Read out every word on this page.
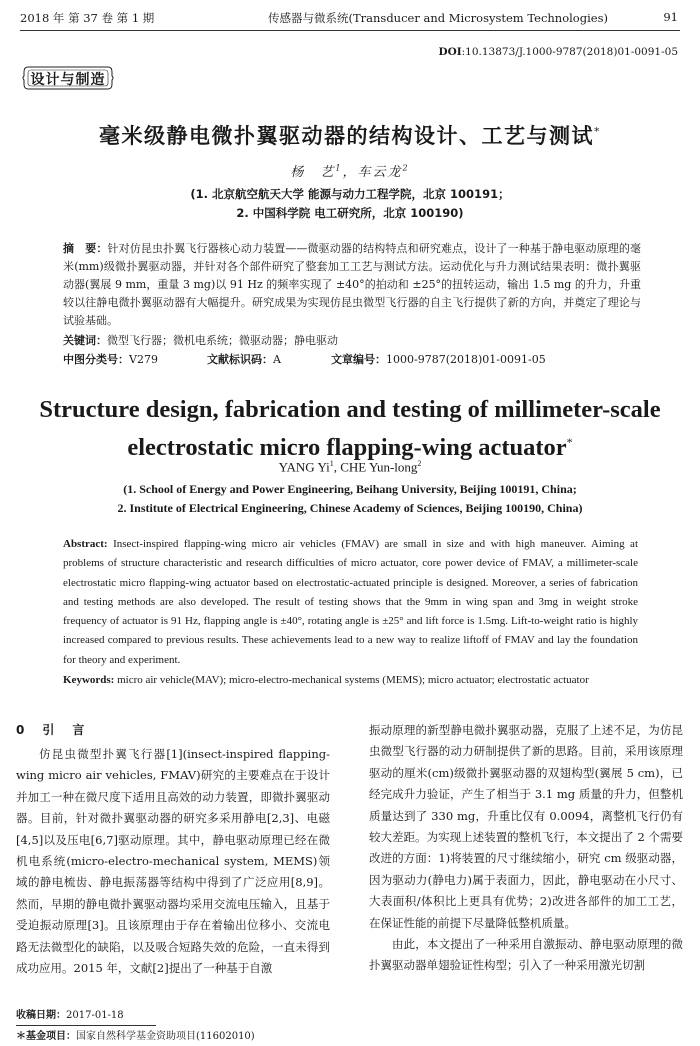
2018 年 第 37 卷 第 1 期	传感器与微系统(Transducer and Microsystem Technologies)	91
DOI:10.13873/J.1000-9787(2018)01-0091-05
设计与制造
毫米级静电微扑翼驱动器的结构设计、工艺与测试*
杨　艺$^1$，车云龙$^2$
(1. 北京航空航天大学 能源与动力工程学院，北京 100191；
2. 中国科学院 电工研究所，北京 100190)
摘　要：针对仿昆虫扑翼飞行器核心动力装置——微驱动器的结构特点和研究难点，设计了一种基于静电驱动原理的毫米(mm)级微扑翼驱动器，并针对各个部件研究了整套加工工艺与测试方法。运动优化与升力测试结果表明：微扑翼驱动器(翼展 9 mm，重量 3 mg)以 91 Hz 的频率实现了 ±40°的拍动和 ±25°的扭转运动，输出 1.5 mg 的升力，升重较以往静电微扑翼驱动器有大幅提升。研究成果为实现仿昆虫微型飞行器的自主飞行提供了新的方向，并奠定了理论与试验基础。
关键词：微型飞行器；微机电系统；微驱动器；静电驱动
中图分类号：V279	文献标识码：A	文章编号：1000-9787(2018)01-0091-05
Structure design, fabrication and testing of millimeter-scale
electrostatic micro flapping-wing actuator*
YANG Yi$^1$, CHE Yun-long$^2$
(1. School of Energy and Power Engineering, Beihang University, Beijing 100191, China;
2. Institute of Electrical Engineering, Chinese Academy of Sciences, Beijing 100190, China)
Abstract: Insect-inspired flapping-wing micro air vehicles (FMAV) are small in size and with high maneuver. Aiming at problems of structure characteristic and research difficulties of micro actuator, core power device of FMAV, a millimeter-scale electrostatic micro flapping-wing actuator based on electrostatic-actuated principle is designed. Moreover, a series of fabrication and testing methods are also developed. The result of testing shows that the 9mm in wing span and 3mg in weight stroke frequency of actuator is 91 Hz, flapping angle is ±40°, rotating angle is ±25° and lift force is 1.5mg. Lift-to-weight ratio is highly increased compared to previous results. These achievements lead to a new way to realize liftoff of FMAV and lay the foundation for theory and experiment.
Keywords: micro air vehicle(MAV); micro-electro-mechanical systems (MEMS); micro actuator; electrostatic actuator
0　引　言
仿昆虫微型扑翼飞行器[1](insect-inspired flapping-wing micro air vehicles, FMAV)研究的主要难点在于设计并加工一种在微尺度下适用且高效的动力装置，即微扑翼驱动器。目前，针对微扑翼驱动器的研究多采用静电[2,3]、电磁[4,5]以及压电[6,7]驱动原理。其中，静电驱动原理已经在微机电系统(micro-electro-mechanical system, MEMS)领域的静电梳齿、静电振荡器等结构中得到了广泛应用[8,9]。然而，早期的静电微扑翼驱动器均采用交流电压输入，且基于受迫振动原理[3]。且该原理由于存在着输出位移小、交流电路无法微型化的缺陷，以及吸合短路失效的危险，一直未得到成功应用。2015 年，文献[2]提出了一种基于自激
振动原理的新型静电微扑翼驱动器，克服了上述不足，为仿昆虫微型飞行器的动力研制提供了新的思路。目前，采用该原理驱动的厘米(cm)级微扑翼驱动器的双翅构型(翼展 5 cm)，已经完成升力验证，产生了相当于 3.1 mg 质量的升力，但整机质量达到了 330 mg，升重比仅有 0.0094，离整机飞行仍有较大差距。为实现上述装置的整机飞行，本文提出了 2 个需要改进的方面：1)将装置的尺寸继续缩小，研究 cm 级驱动器，因为驱动力(静电力)属于表面力，因此，静电驱动在小尺寸、大表面积/体积比上更具有优势；2)改进各部件的加工工艺，在保证性能的前提下尽量降低整机质量。
由此，本文提出了一种采用自激振动、静电驱动原理的微扑翼驱动器单翅验证性构型；引入了一种采用激光切割
收稿日期：2017-01-18
＊基金项目：国家自然科学基金资助项目(11602010)
